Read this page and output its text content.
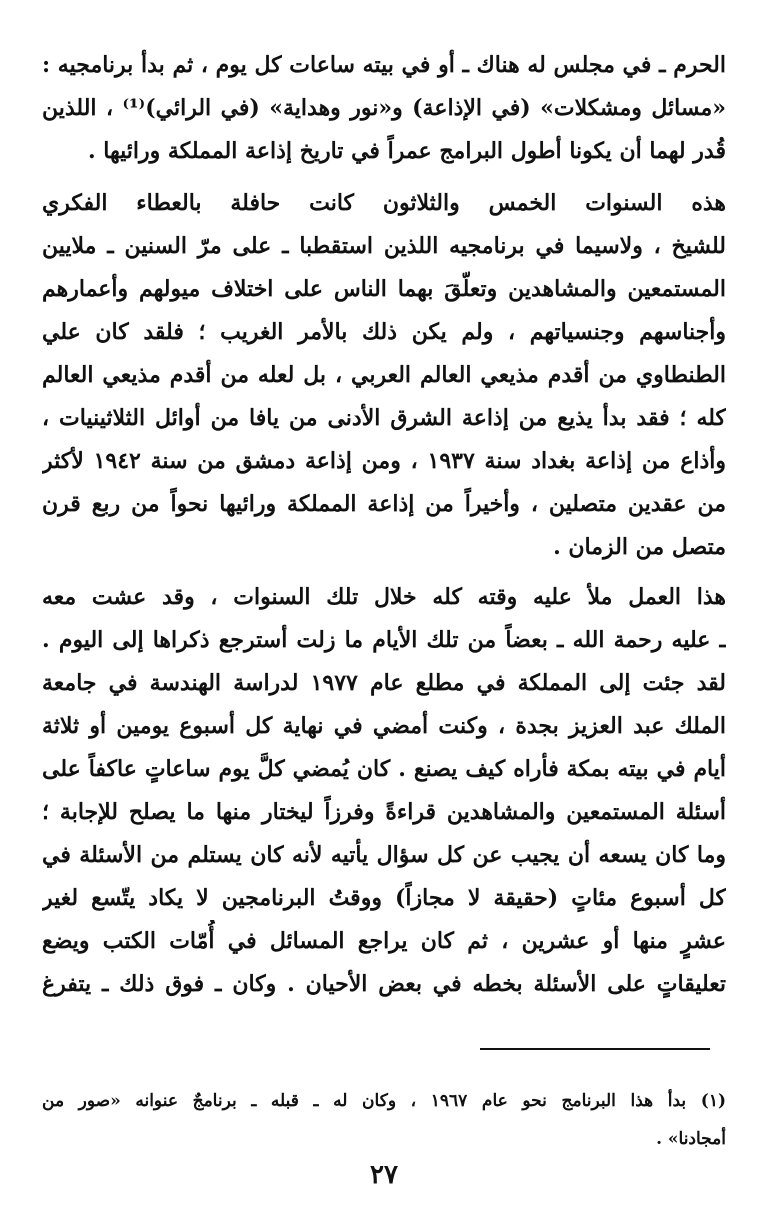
الحرم ـ في مجلس له هناك ـ أو في بيته ساعات كل يوم ، ثم بدأ برنامجيه :
«مسائل ومشكلات» (في الإذاعة) و«نور وهداية» (في الرائي)⁽¹⁾ ، اللذين
قُدر لهما أن يكونا أطول البرامج عمراً في تاريخ إذاعة المملكة ورائيها .
هذه السنوات الخمس والثلاثون كانت حافلة بالعطاء الفكري
للشيخ ، ولاسيما في برنامجيه اللذين استقطبا ـ على مرّ السنين ـ ملايين
المستمعين والمشاهدين وتعلّقَ بهما الناس على اختلاف ميولهم وأعمارهم
وأجناسهم وجنسياتهم ، ولم يكن ذلك بالأمر الغريب ؛ فلقد كان علي
الطنطاوي من أقدم مذيعي العالم العربي ، بل لعله من أقدم مذيعي العالم
كله ؛ فقد بدأ يذيع من إذاعة الشرق الأدنى من يافا من أوائل الثلاثينيات ،
وأذاع من إذاعة بغداد سنة ١٩٣٧ ، ومن إذاعة دمشق من سنة ١٩٤٢ لأكثر
من عقدين متصلين ، وأخيراً من إذاعة المملكة ورائيها نحواً من ربع قرن
متصل من الزمان .
هذا العمل ملأ عليه وقته كله خلال تلك السنوات ، وقد عشت معه
ـ عليه رحمة الله ـ بعضاً من تلك الأيام ما زلت أسترجع ذكراها إلى اليوم .
لقد جئت إلى المملكة في مطلع عام ١٩٧٧ لدراسة الهندسة في جامعة
الملك عبد العزيز بجدة ، وكنت أمضي في نهاية كل أسبوع يومين أو ثلاثة
أيام في بيته بمكة فأراه كيف يصنع . كان يُمضي كلَّ يوم ساعاتٍ عاكفاً على
أسئلة المستمعين والمشاهدين قراءةً وفرزاً ليختار منها ما يصلح للإجابة ؛
وما كان يسعه أن يجيب عن كل سؤال يأتيه لأنه كان يستلم من الأسئلة في
كل أسبوع مئاتٍ (حقيقة لا مجازاً) ووقتُ البرنامجين لا يكاد يتّسع لغير
عشرٍ منها أو عشرين ، ثم كان يراجع المسائل في أُمّات الكتب ويضع
تعليقاتٍ على الأسئلة بخطه في بعض الأحيان . وكان ـ فوق ذلك ـ يتفرغ
(١) بدأ هذا البرنامج نحو عام ١٩٦٧ ، وكان له ـ قبله ـ برنامجٌ عنوانه «صور من
أمجادنا» .
٢٧
